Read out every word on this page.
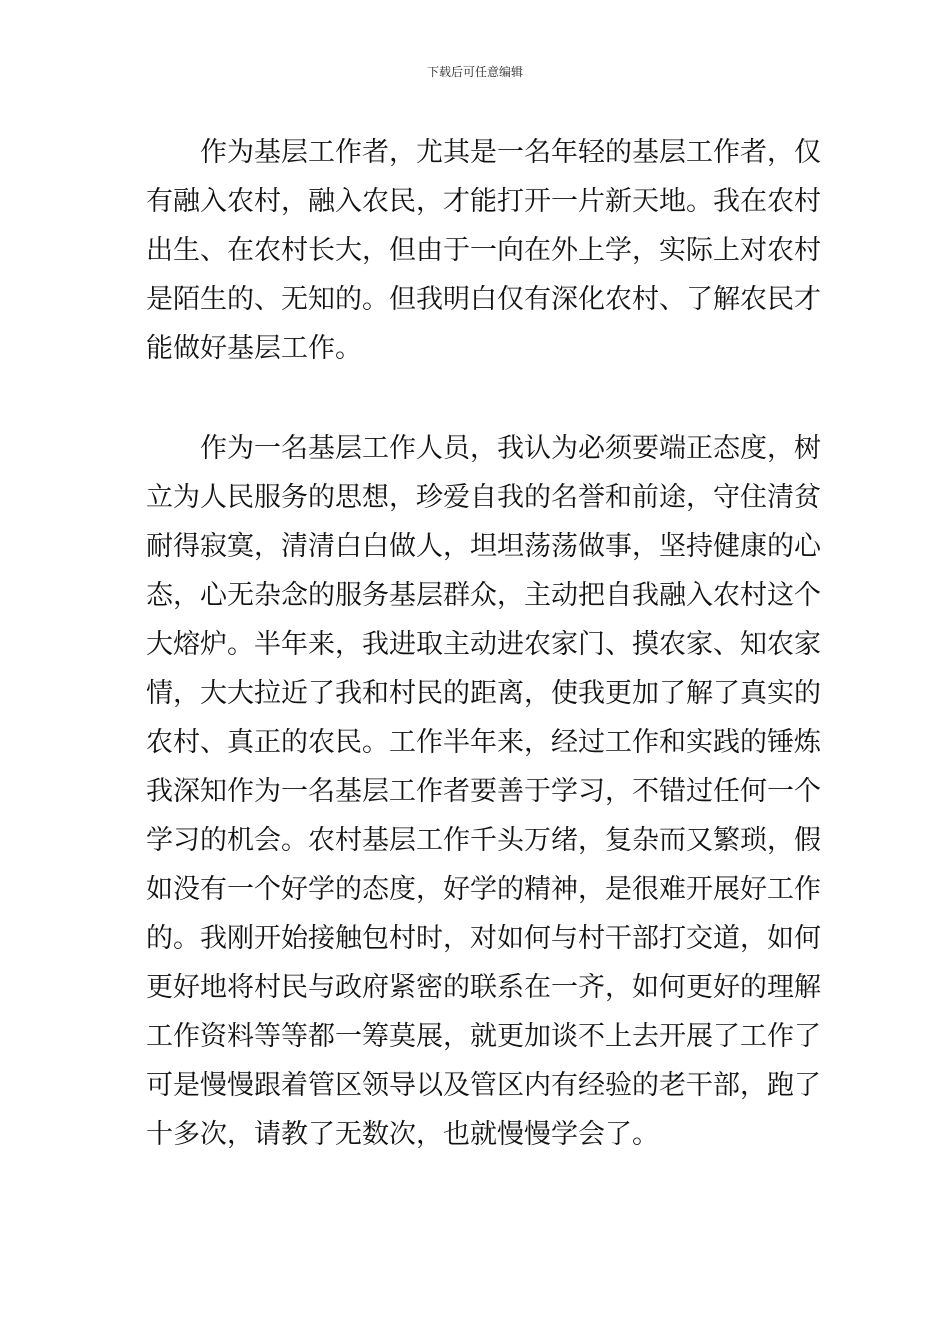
下载后可任意编辑
　　作为基层工作者，尤其是一名年轻的基层工作者，仅
有融入农村，融入农民，才能打开一片新天地。我在农村
出生、在农村长大，但由于一向在外上学，实际上对农村
是陌生的、无知的。但我明白仅有深化农村、了解农民才
能做好基层工作。
　　作为一名基层工作人员，我认为必须要端正态度，树
立为人民服务的思想，珍爱自我的名誉和前途，守住清贫
耐得寂寞，清清白白做人，坦坦荡荡做事，坚持健康的心
态，心无杂念的服务基层群众，主动把自我融入农村这个
大熔炉。半年来，我进取主动进农家门、摸农家、知农家
情，大大拉近了我和村民的距离，使我更加了解了真实的
农村、真正的农民。工作半年来，经过工作和实践的锤炼
我深知作为一名基层工作者要善于学习，不错过任何一个
学习的机会。农村基层工作千头万绪，复杂而又繁琐，假
如没有一个好学的态度，好学的精神，是很难开展好工作
的。我刚开始接触包村时，对如何与村干部打交道，如何
更好地将村民与政府紧密的联系在一齐，如何更好的理解
工作资料等等都一筹莫展，就更加谈不上去开展了工作了
可是慢慢跟着管区领导以及管区内有经验的老干部，跑了
十多次，请教了无数次，也就慢慢学会了。
